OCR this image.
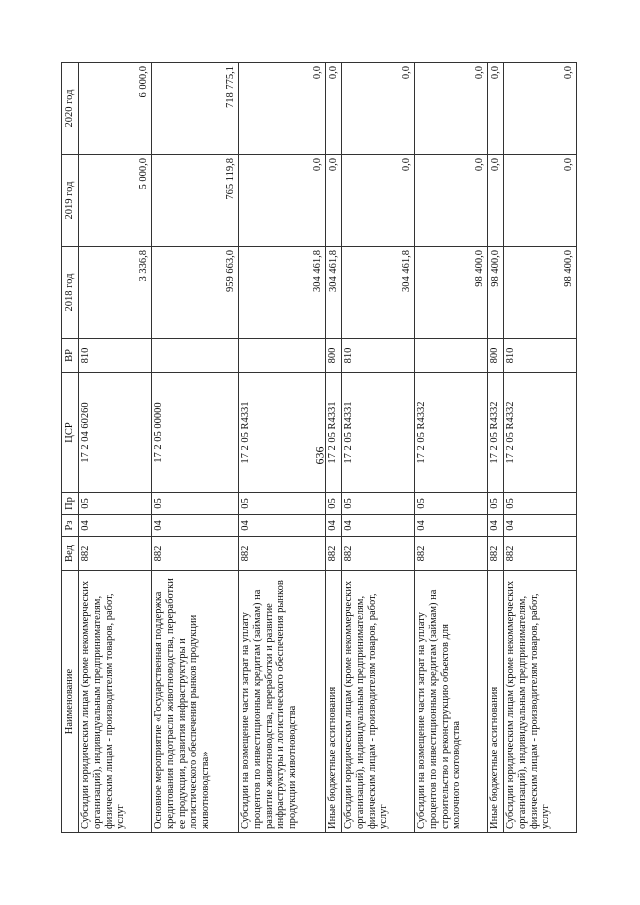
636
Наименование	Вед	Рз	Пр	ЦСР	ВР	2018 год	2019 год	2020 год
Субсидии юридическим лицам (кроме некоммерческих организаций), индивидуальным предпринимателям, физическим лицам - производителям товаров, работ, услуг	882	04	05	17 2 04 60260	810	3 336,8	5 000,0	6 000,0
Основное мероприятие «Государственная поддержка кредитования подотрасли животноводства, переработки ее продукции, развития инфраструктуры и логистического обеспечения рынков продукции животноводства»	882	04	05	17 2 05 00000		959 663,0	765 119,8	718 775,1
Субсидии на возмещение части затрат на уплату процентов по инвестиционным кредитам (займам) на развитие животноводства, переработки и развитие инфраструктуры и логистического обеспечения рынков продукции животноводства	882	04	05	17 2 05 R4331		304 461,8	0,0	0,0
Иные бюджетные ассигнования	882	04	05	17 2 05 R4331	800	304 461,8	0,0	0,0
Субсидии юридическим лицам (кроме некоммерческих организаций), индивидуальным предпринимателям, физическим лицам - производителям товаров, работ, услуг	882	04	05	17 2 05 R4331	810	304 461,8	0,0	0,0
Субсидии на возмещение части затрат на уплату процентов по инвестиционным кредитам (займам) на строительство и реконструкцию объектов для молочного скотоводства	882	04	05	17 2 05 R4332		98 400,0	0,0	0,0
Иные бюджетные ассигнования	882	04	05	17 2 05 R4332	800	98 400,0	0,0	0,0
Субсидии юридическим лицам (кроме некоммерческих организаций), индивидуальным предпринимателям, физическим лицам - производителям товаров, работ, услуг	882	04	05	17 2 05 R4332	810	98 400,0	0,0	0,0
